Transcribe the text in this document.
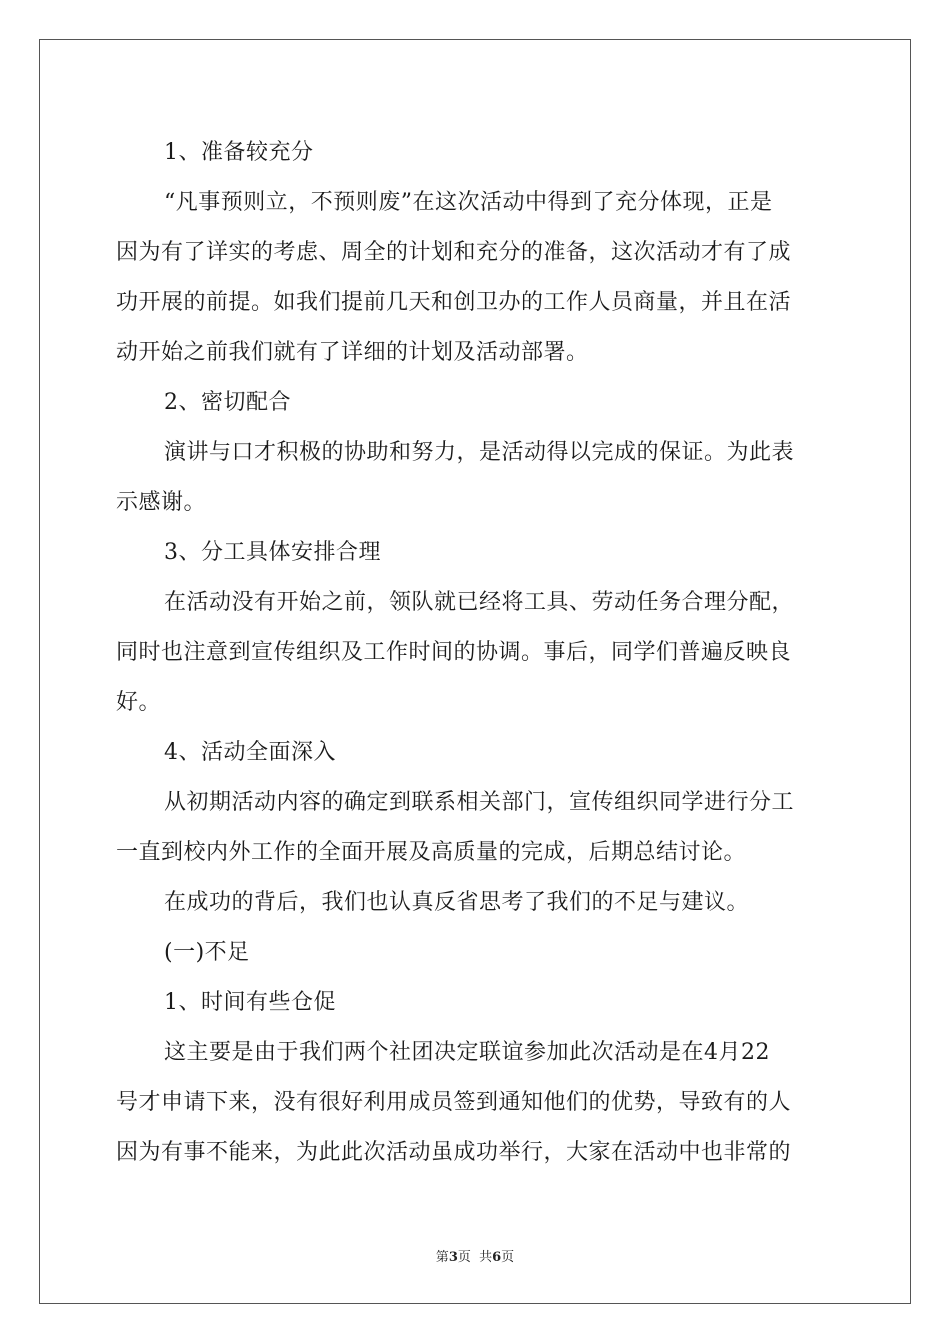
1、准备较充分
“凡事预则立，不预则废”在这次活动中得到了充分体现，正是
因为有了详实的考虑、周全的计划和充分的准备，这次活动才有了成
功开展的前提。如我们提前几天和创卫办的工作人员商量，并且在活
动开始之前我们就有了详细的计划及活动部署。
2、密切配合
演讲与口才积极的协助和努力，是活动得以完成的保证。为此表
示感谢。
3、分工具体安排合理
在活动没有开始之前，领队就已经将工具、劳动任务合理分配，
同时也注意到宣传组织及工作时间的协调。事后，同学们普遍反映良
好。
4、活动全面深入
从初期活动内容的确定到联系相关部门，宣传组织同学进行分工
一直到校内外工作的全面开展及高质量的完成，后期总结讨论。
在成功的背后，我们也认真反省思考了我们的不足与建议。
(一)不足
1、时间有些仓促
这主要是由于我们两个社团决定联谊参加此次活动是在4月22
号才申请下来，没有很好利用成员签到通知他们的优势，导致有的人
因为有事不能来，为此此次活动虽成功举行，大家在活动中也非常的
第3页  共6页
